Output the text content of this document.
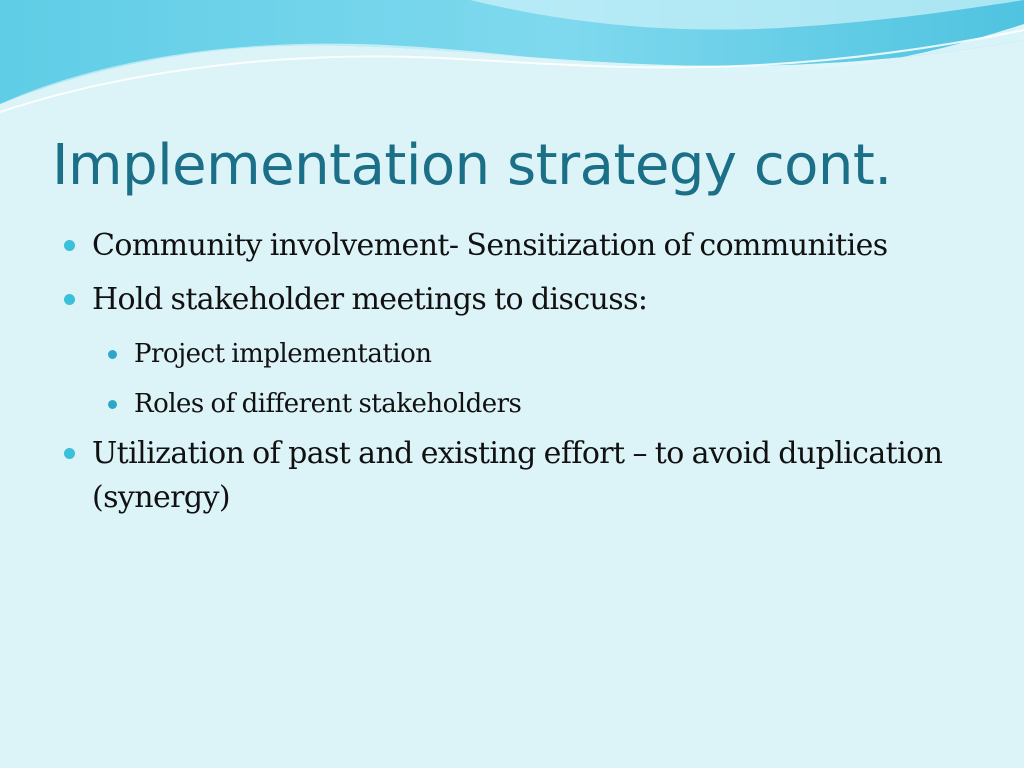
Implementation strategy cont.
Community involvement- Sensitization of communities
Hold stakeholder meetings to discuss:
Project implementation
Roles of different stakeholders
Utilization of past and existing effort – to avoid duplication (synergy)
